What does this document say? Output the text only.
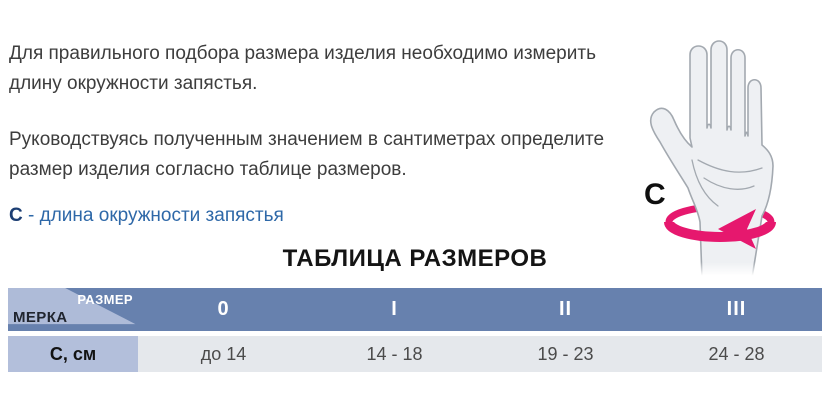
Для правильного подбора размера изделия необходимо измерить длину окружности запястья.

Руководствуясь полученным значением в сантиметрах определите размер изделия согласно таблице размеров.

С - длина окружности запястья
С
ТАБЛИЦА РАЗМЕРОВ
РАЗМЕР
МЕРКА	0	I	II	III
С, см	до 14	14 - 18	19 - 23	24 - 28
